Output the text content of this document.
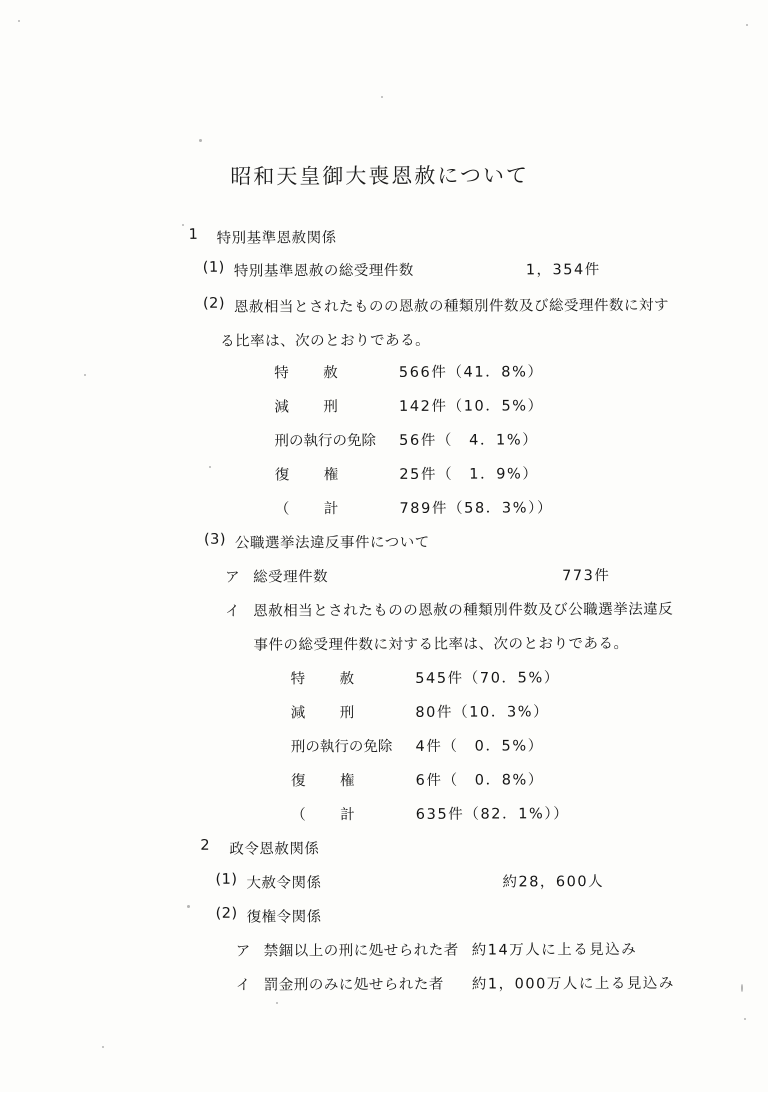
昭和天皇御大喪恩赦について
1 特別基準恩赦関係
(1) 特別基準恩赦の総受理件数	1，354件
(2) 恩赦相当とされたものの恩赦の種類別件数及び総受理件数に対す
る比率は、次のとおりである。
特　赦	566件（41．8%）
減　刑	142件（10．5%）
刑の執行の免除 56件（　4．1%）
復　権	25件（　1．9%）
（　計	789件（58．3%））
(3) 公職選挙法違反事件について
ア 総受理件数	773件
イ 恩赦相当とされたものの恩赦の種類別件数及び公職選挙法違反
事件の総受理件数に対する比率は、次のとおりである。
特　赦	545件（70．5%）
減　刑	80件（10．3%）
刑の執行の免除 4件（　0．5%）
復　権	6件（　0．8%）
（　計	635件（82．1%））
2 政令恩赦関係
(1) 大赦令関係	約28，600人
(2) 復権令関係
ア 禁錮以上の刑に処せられた者 約14万人に上る見込み
イ 罰金刑のみに処せられた者 約1，000万人に上る見込み
